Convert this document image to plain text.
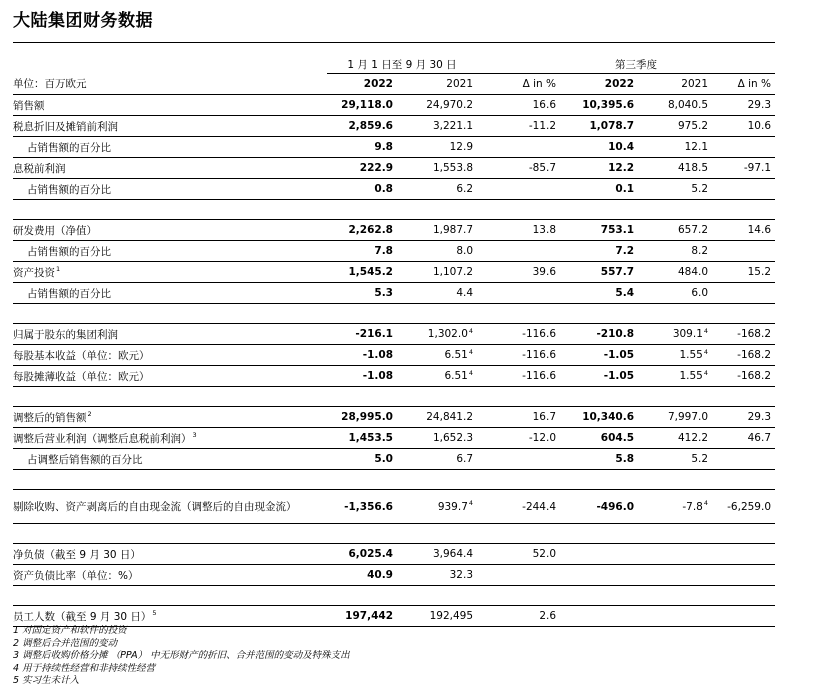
大陆集团财务数据
	1 月 1 日至 9 月 30 日			第三季度		
单位：百万欧元	2022	2021	Δ in %	2022	2021	Δ in %
销售额	29,118.0	24,970.2	16.6	10,395.6	8,040.5	29.3
税息折旧及摊销前利润	2,859.6	3,221.1	-11.2	1,078.7	975.2	10.6
占销售额的百分比	9.8	12.9		10.4	12.1	
息税前利润	222.9	1,553.8	-85.7	12.2	418.5	-97.1
占销售额的百分比	0.8	6.2		0.1	5.2	

研发费用（净值）	2,262.8	1,987.7	13.8	753.1	657.2	14.6
占销售额的百分比	7.8	8.0		7.2	8.2	
资产投资$^1$	1,545.2	1,107.2	39.6	557.7	484.0	15.2
占销售额的百分比	5.3	4.4		5.4	6.0	

归属于股东的集团利润	-216.1	1,302.0$^4$	-116.6	-210.8	309.1$^4$	-168.2
每股基本收益（单位：欧元）	-1.08	6.51$^4$	-116.6	-1.05	1.55$^4$	-168.2
每股摊薄收益（单位：欧元）	-1.08	6.51$^4$	-116.6	-1.05	1.55$^4$	-168.2

调整后的销售额$^2$	28,995.0	24,841.2	16.7	10,340.6	7,997.0	29.3
调整后营业利润（调整后息税前利润）$^3$	1,453.5	1,652.3	-12.0	604.5	412.2	46.7
占调整后销售额的百分比	5.0	6.7		5.8	5.2	

剔除收购、资产剥离后的自由现金流（调整后的自由现金流）	-1,356.6	939.7$^4$	-244.4	-496.0	$-7.8^4$	-6,259.0

净负债（截至 9 月 30 日）	6,025.4	3,964.4	52.0			
资产负债比率（单位：%）	40.9	32.3				

员工人数（截至 9 月 30 日）$^5$	197,442	192,495	2.6			
1 对固定资产和软件的投资
2 调整后合并范围的变动
3 调整后收购价格分摊 （PPA） 中无形财产的折旧、合并范围的变动及特殊支出
4 用于持续性经营和非持续性经营
5 实习生未计入
